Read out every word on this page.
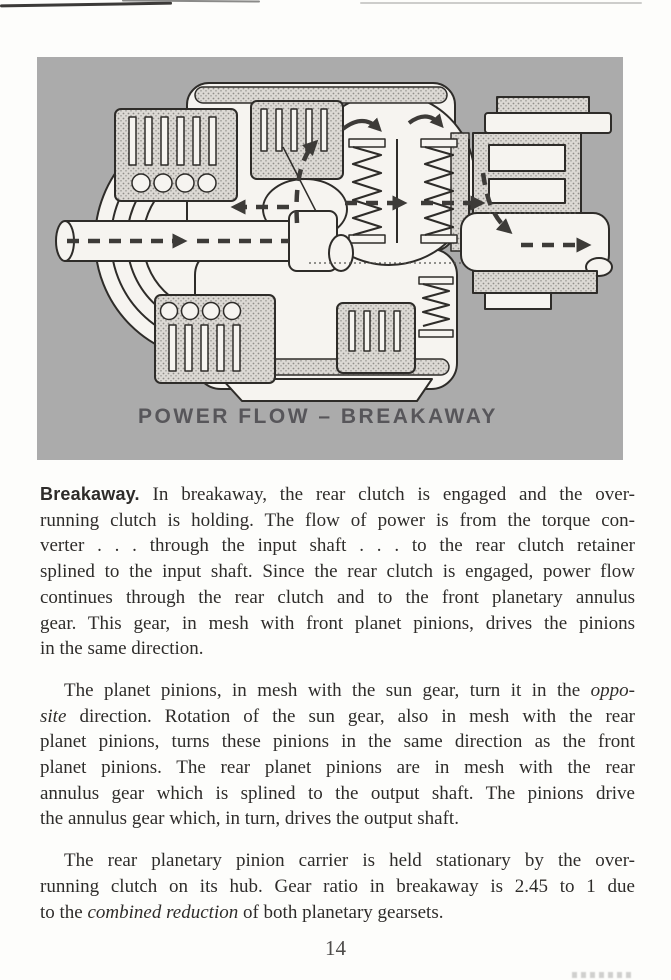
POWER FLOW – BREAKAWAY

Breakaway. In breakaway, the rear clutch is engaged and the over-
running clutch is holding. The flow of power is from the torque con-
verter . . . through the input shaft . . . to the rear clutch retainer
splined to the input shaft. Since the rear clutch is engaged, power flow
continues through the rear clutch and to the front planetary annulus
gear. This gear, in mesh with front planet pinions, drives the pinions
in the same direction.

The planet pinions, in mesh with the sun gear, turn it in the oppo-
site direction. Rotation of the sun gear, also in mesh with the rear
planet pinions, turns these pinions in the same direction as the front
planet pinions. The rear planet pinions are in mesh with the rear
annulus gear which is splined to the output shaft. The pinions drive
the annulus gear which, in turn, drives the output shaft.

The rear planetary pinion carrier is held stationary by the over-
running clutch on its hub. Gear ratio in breakaway is 2.45 to 1 due
to the combined reduction of both planetary gearsets.

14
